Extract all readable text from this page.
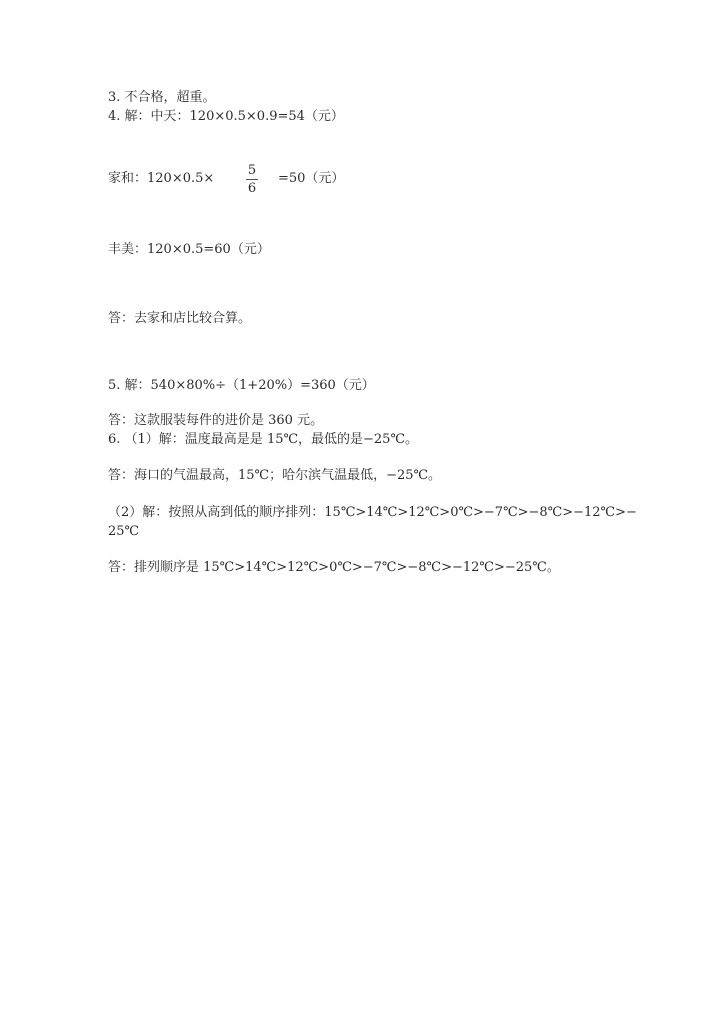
3. 不合格，超重。
4. 解：中天：120×0.5×0.9=54（元）
家和：120×0.5×
5
6
=50（元）
丰美：120×0.5=60（元）
答：去家和店比较合算。
5. 解：540×80%÷（1+20%）=360（元）
答：这款服装每件的进价是 360 元。
6. （1）解：温度最高是是 15℃，最低的是−25℃。
答：海口的气温最高，15℃；哈尔滨气温最低，−25℃。
（2）解：按照从高到低的顺序排列：15℃>14℃>12℃>0℃>−7℃>−8℃>−12℃>−
25℃
答：排列顺序是 15℃>14℃>12℃>0℃>−7℃>−8℃>−12℃>−25℃。
